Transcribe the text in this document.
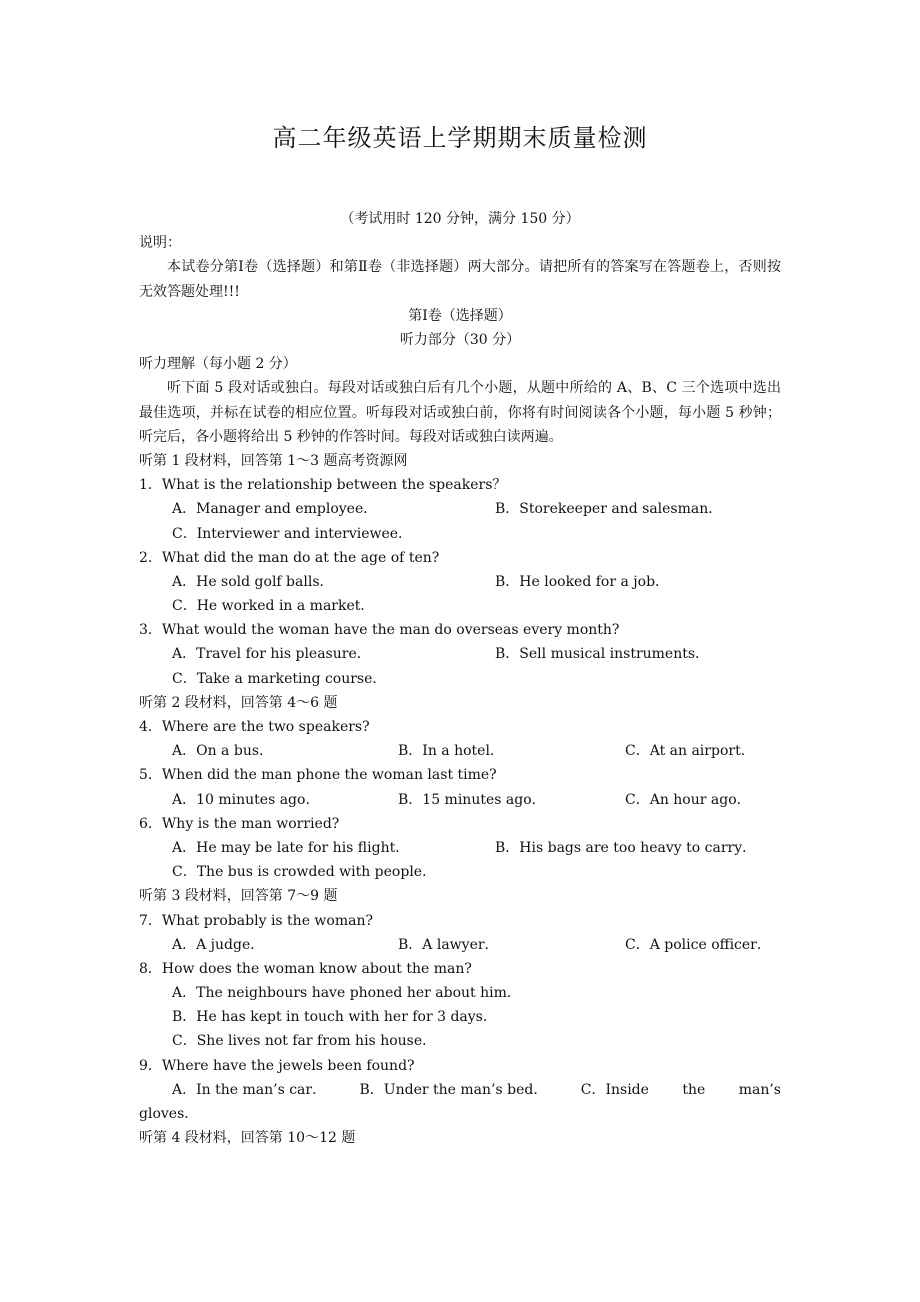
高二年级英语上学期期末质量检测
（考试用时 120 分钟，满分 150 分）
说明：
本试卷分第Ⅰ卷（选择题）和第Ⅱ卷（非选择题）两大部分。请把所有的答案写在答题卷上，否则按无效答题处理!!!
第Ⅰ卷（选择题）
听力部分（30 分）
听力理解（每小题 2 分）
听下面 5 段对话或独白。每段对话或独白后有几个小题，从题中所给的 A、B、C 三个选项中选出最佳选项，并标在试卷的相应位置。听每段对话或独白前，你将有时间阅读各个小题，每小题 5 秒钟；听完后，各小题将给出 5 秒钟的作答时间。每段对话或独白读两遍。
听第 1 段材料，回答第 1～3 题高考资源网
1．What is the relationship between the speakers？
A．Manager and employee．	B．Storekeeper and salesman．
C．Interviewer and interviewee．
2．What did the man do at the age of ten?
A．He sold golf balls．	B．He looked for a job．
C．He worked in a market．
3．What would the woman have the man do overseas every month?
A．Travel for his pleasure．	B．Sell musical instruments．
C．Take a marketing course．
听第 2 段材料，回答第 4～6 题
4．Where are the two speakers?
A．On a bus．	B．In a hotel．	C．At an airport．
5．When did the man phone the woman last time?
A．10 minutes ago．	B．15 minutes ago．	C．An hour ago．
6．Why is the man worried?
A．He may be late for his flight．	B．His bags are too heavy to carry．
C．The bus is crowded with people．
听第 3 段材料，回答第 7～9 题
7．What probably is the woman?
A．A judge．	B．A lawyer．	C．A police officer．
8．How does the woman know about the man?
A．The neighbours have phoned her about him．
B．He has kept in touch with her for 3 days．
C．She lives not far from his house．
9．Where have the jewels been found?
A．In the man’s car． B．Under the man’s bed． C．Inside the man’s
gloves．
听第 4 段材料，回答第 10～12 题
